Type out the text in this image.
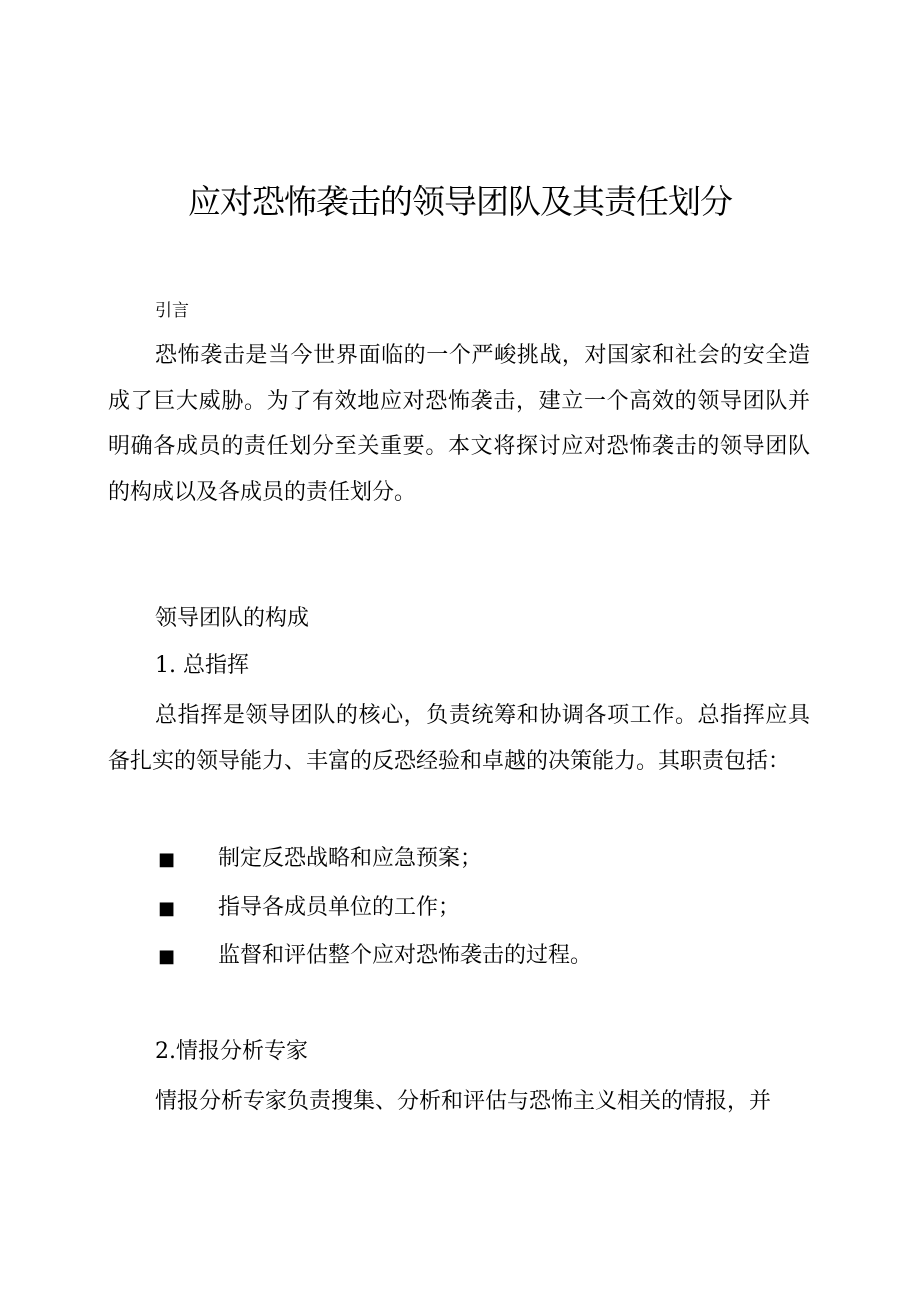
应对恐怖袭击的领导团队及其责任划分

引言

恐怖袭击是当今世界面临的一个严峻挑战，对国家和社会的安全造成了巨大威胁。为了有效地应对恐怖袭击，建立一个高效的领导团队并明确各成员的责任划分至关重要。本文将探讨应对恐怖袭击的领导团队的构成以及各成员的责任划分。

领导团队的构成

1. 总指挥

总指挥是领导团队的核心，负责统筹和协调各项工作。总指挥应具备扎实的领导能力、丰富的反恐经验和卓越的决策能力。其职责包括：

■ 制定反恐战略和应急预案；
■ 指导各成员单位的工作；
■ 监督和评估整个应对恐怖袭击的过程。

2.情报分析专家

情报分析专家负责搜集、分析和评估与恐怖主义相关的情报，并
